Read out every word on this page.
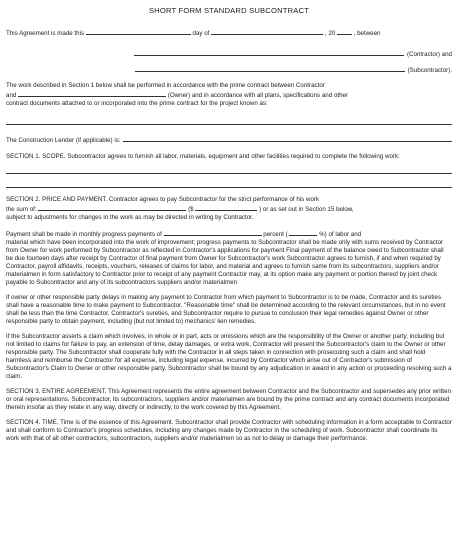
SHORT FORM STANDARD SUBCONTRACT

This Agreement is made this	day of	, 20	, between

(Contractor) and
(Subcontractor).

The work described in Section 1 below shall be performed in accordance with the prime contract between Contractor

and	(Owner) and in accordance with all plans, specifications and other

contract documents attached to or incorporated into the prime contract for the project known as:

The Construction Lender (if applicable) is:

SECTION 1. SCOPE. Subcontractor agrees to furnish all labor, materials, equipment and other facilities required to complete the following work:

SECTION 2. PRICE AND PAYMENT. Contractor agrees to pay Subcontractor for the strict performance of his work

the sum of:	($	) or as set out in Section 15 below,

subject to adjustments for changes in the work as may be directed in writing by Contractor.

Payment shall be made in monthly progress payments of	percent (	%) of labor and

material which have been incorporated into the work of improvement; progress payments to Subcontractor shall be made only with sums received by Contractor from Owner for work performed by Subcontractor as reflected in Contractor's applications for payment Final payment of the balance owed to Subcontractor shall be due fourteen days after receipt by Contractor of final payment from Owner for Subcontractor's work Subcontractor agrees to furnish, if and when required by Contractor, payroll affidavits, receipts, vouchers, releases of claims for labor, and material and agrees to furnish same from its subcontractors, suppliers and/or materialmen in form satisfactory to Contractor prior to receipt of any payment Contractor may, at its option make any payment or portion thereof by joint check payable to Subcontractor and any of its subcontractors suppliers and/or materialmen

If owner or other responsible party delays in making any payment to Contractor from which payment to Subcontractor is to be made, Contractor and its sureties shall have a reasonable time to make payment to Subcontractor. "Reasonable time" shall be determined according to the relevant circumstances, but in no event shall be less than the time Contractor, Contractor's sureties, and Subcontractor require to pursue to conclusion their legal remedies against Owner or other responsible party to obtain payment, including (but not limited to) mechanics' lien remedies.

If the Subcontractor asserts a claim which involves, in whole or in part, acts or omissions which are the responsibility of the Owner or another party, including but not limited to claims for failure to pay, an extension of time, delay damages, or extra work, Contractor will present the Subcontractor's claim to the Owner or other responsible party. The Subcontractor shall cooperate fully with the Contractor in all steps taken in connection with prosecuting such a claim and shall hold harmless and reimburse the Contractor for all expense, including legal expense, incurred by Contractor which arise out of Contractor's submission of Subcontractor's Claim to Owner or other responsible party. Subcontractor shall be bound by any adjudication or award in any action or proceeding resolving such a claim.

SECTION 3. ENTIRE AGREEMENT. This Agreement represents the entire agreement between Contractor and the Subcontractor and supersedes any prior written or oral representations. Subcontractor, its subcontractors, suppliers and/or materialmen are bound by the prime contract and any contract documents incorporated therein insofar as they relate in any way, directly or indirectly, to the work covered by this Agreement.

SECTION 4. TIME. Time is of the essence of this Agreement. Subcontractor shall provide Contractor with scheduling information in a form acceptable to Contractor and shall conform to Contractor's progress schedules, including any changes made by Contractor in the scheduling of work. Subcontractor shall coordinate its work with that of all other contractors, subcontractors, suppliers and/or materialmen so as not to delay or damage their performance.
